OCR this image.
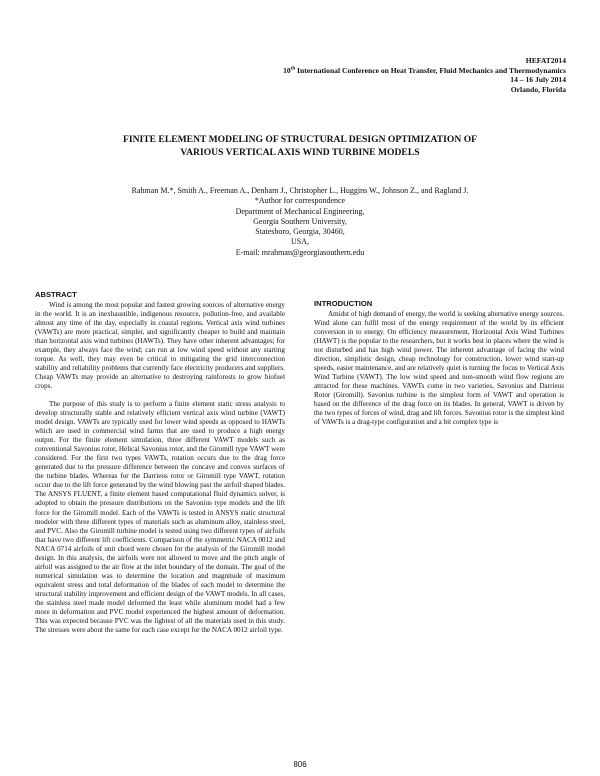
HEFAT2014
10th International Conference on Heat Transfer, Fluid Mechanics and Thermodynamics
14 – 16 July 2014
Orlando, Florida
FINITE ELEMENT MODELING OF STRUCTURAL DESIGN OPTIMIZATION OF
VARIOUS VERTICAL AXIS WIND TURBINE MODELS
Rahman M.*, Smith A., Freeman A., Denham J., Christopher L., Huggins W., Johnson Z., and Ragland J.
*Author for correspondence
Department of Mechanical Engineering,
Georgia Southern University,
Statesboro, Georgia, 30460,
USA,
E-mail: mrahman@georgiasouthern.edu
ABSTRACT

Wind is among the most popular and fastest growing sources of alternative energy in the world. It is an inexhaustible, indigenous resource, pollution-free, and available almost any time of the day, especially in coastal regions. Vertical axis wind turbines (VAWTs) are more practical, simpler, and significantly cheaper to build and maintain than horizontal axis wind turbines (HAWTs). They have other inherent advantages; for example, they always face the wind; can run at low wind speed without any starting torque. As well, they may even be critical to mitigating the grid interconnection stability and reliability problems that currently face electricity producers and suppliers. Cheap VAWTs may provide an alternative to destroying rainforests to grow biofuel crops.

The purpose of this study is to perform a finite element static stress analysis to develop structurally stable and relatively efficient vertical axis wind turbine (VAWT) model design. VAWTs are typically used for lower wind speeds as opposed to HAWTs which are used in commercial wind farms that are used to produce a high energy output. For the finite element simulation, three different VAWT models such as conventional Savonius rotor, Helical Savonius rotor, and the Giromill type VAWT were considered. For the first two types VAWTs, rotation occurs due to the drag force generated due to the pressure difference between the concave and convex surfaces of the turbine blades. Whereas for the Darrieus rotor or Giromill type VAWT, rotation occur due to the lift force generated by the wind blowing past the airfoil shaped blades. The ANSYS FLUENT, a finite element based computational fluid dynamics solver, is adopted to obtain the pressure distributions on the Savonius type models and the lift force for the Giromill model. Each of the VAWTs is tested in ANSYS static structural modeler with three different types of materials such as aluminum alloy, stainless steel, and PVC. Also the Giromill turbine model is tested using two different types of airfoils that have two different lift coefficients. Comparison of the symmetric NACA 0012 and NACA 0714 airfoils of unit chord were chosen for the analysis of the Giromill model design. In this analysis, the airfoils were not allowed to move and the pitch angle of airfoil was assigned to the air flow at the inlet boundary of the domain. The goal of the numerical simulation was to determine the location and magnitude of maximum equivalent stress and total deformation of the blades of each model to determine the structural stability improvement and efficient design of the VAWT models. In all cases, the stainless steel made model deformed the least while aluminum model had a few more in deformation and PVC model experienced the highest amount of deformation. This was expected because PVC was the lightest of all the materials used in this study. The stresses were about the same for each case except for the NACA 0012 airfoil type.

INTRODUCTION

Amidst of high demand of energy, the world is seeking alternative energy sources. Wind alone can fulfil most of the energy requirement of the world by its efficient conversion in to energy. On efficiency measurement, Horizontal Axis Wind Turbines (HAWT) is the popular to the researchers, but it works best in places where the wind is not disturbed and has high wind power. The inherent advantage of facing the wind direction, simplistic design, cheap technology for construction, lower wind start-up speeds, easier maintenance, and are relatively quiet is turning the focus to Vertical Axis Wind Turbine (VAWT). The low wind speed and non-smooth wind flow regions are attracted for these machines. VAWTs come in two varieties, Savonius and Darrieus Rotor (Giromill). Savonius turbine is the simplest form of VAWT and operation is based on the difference of the drag force on its blades. In general, VAWT is driven by the two types of forces of wind, drag and lift forces. Savonius rotor is the simplest kind of VAWTs is a drag-type configuration and a bit complex type is

806
